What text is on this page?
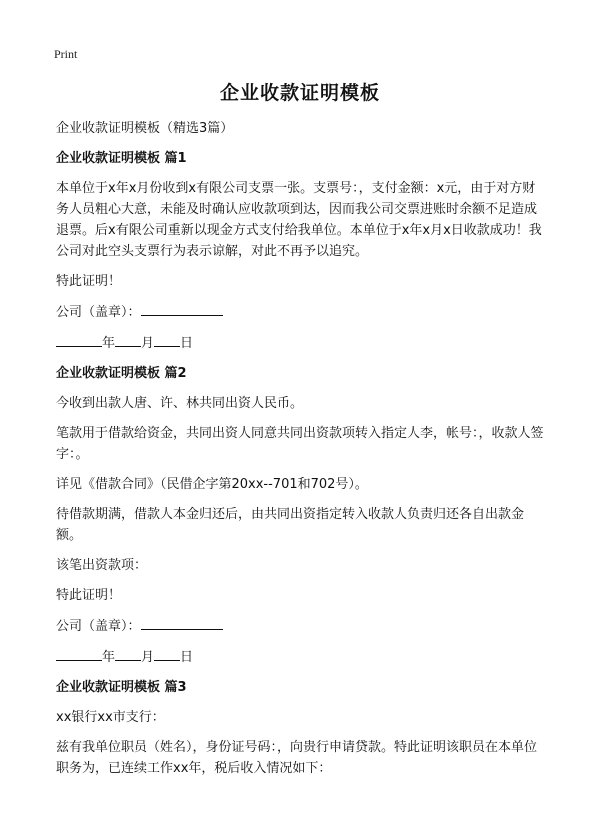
Print
企业收款证明模板

企业收款证明模板（精选3篇）

企业收款证明模板 篇1

本单位于x年x月份收到x有限公司支票一张。支票号：，支付金额：x元，由于对方财务人员粗心大意，未能及时确认应收款项到达，因而我公司交票进账时余额不足造成退票。后x有限公司重新以现金方式支付给我单位。本单位于x年x月x日收款成功！我公司对此空头支票行为表示谅解，对此不再予以追究。

特此证明！

公司（盖章）：

年 月 日

企业收款证明模板 篇2

今收到出款人唐、许、林共同出资人民币。

笔款用于借款给资金，共同出资人同意共同出资款项转入指定人李，帐号：，收款人签字：。

详见《借款合同》（民借企字第20xx--701和702号）。

待借款期满，借款人本金归还后，由共同出资指定转入收款人负责归还各自出款金额。

该笔出资款项：

特此证明！

公司（盖章）：

年 月 日

企业收款证明模板 篇3

xx银行xx市支行：

兹有我单位职员（姓名），身份证号码：，向贵行申请贷款。特此证明该职员在本单位职务为，已连续工作xx年，税后收入情况如下：
